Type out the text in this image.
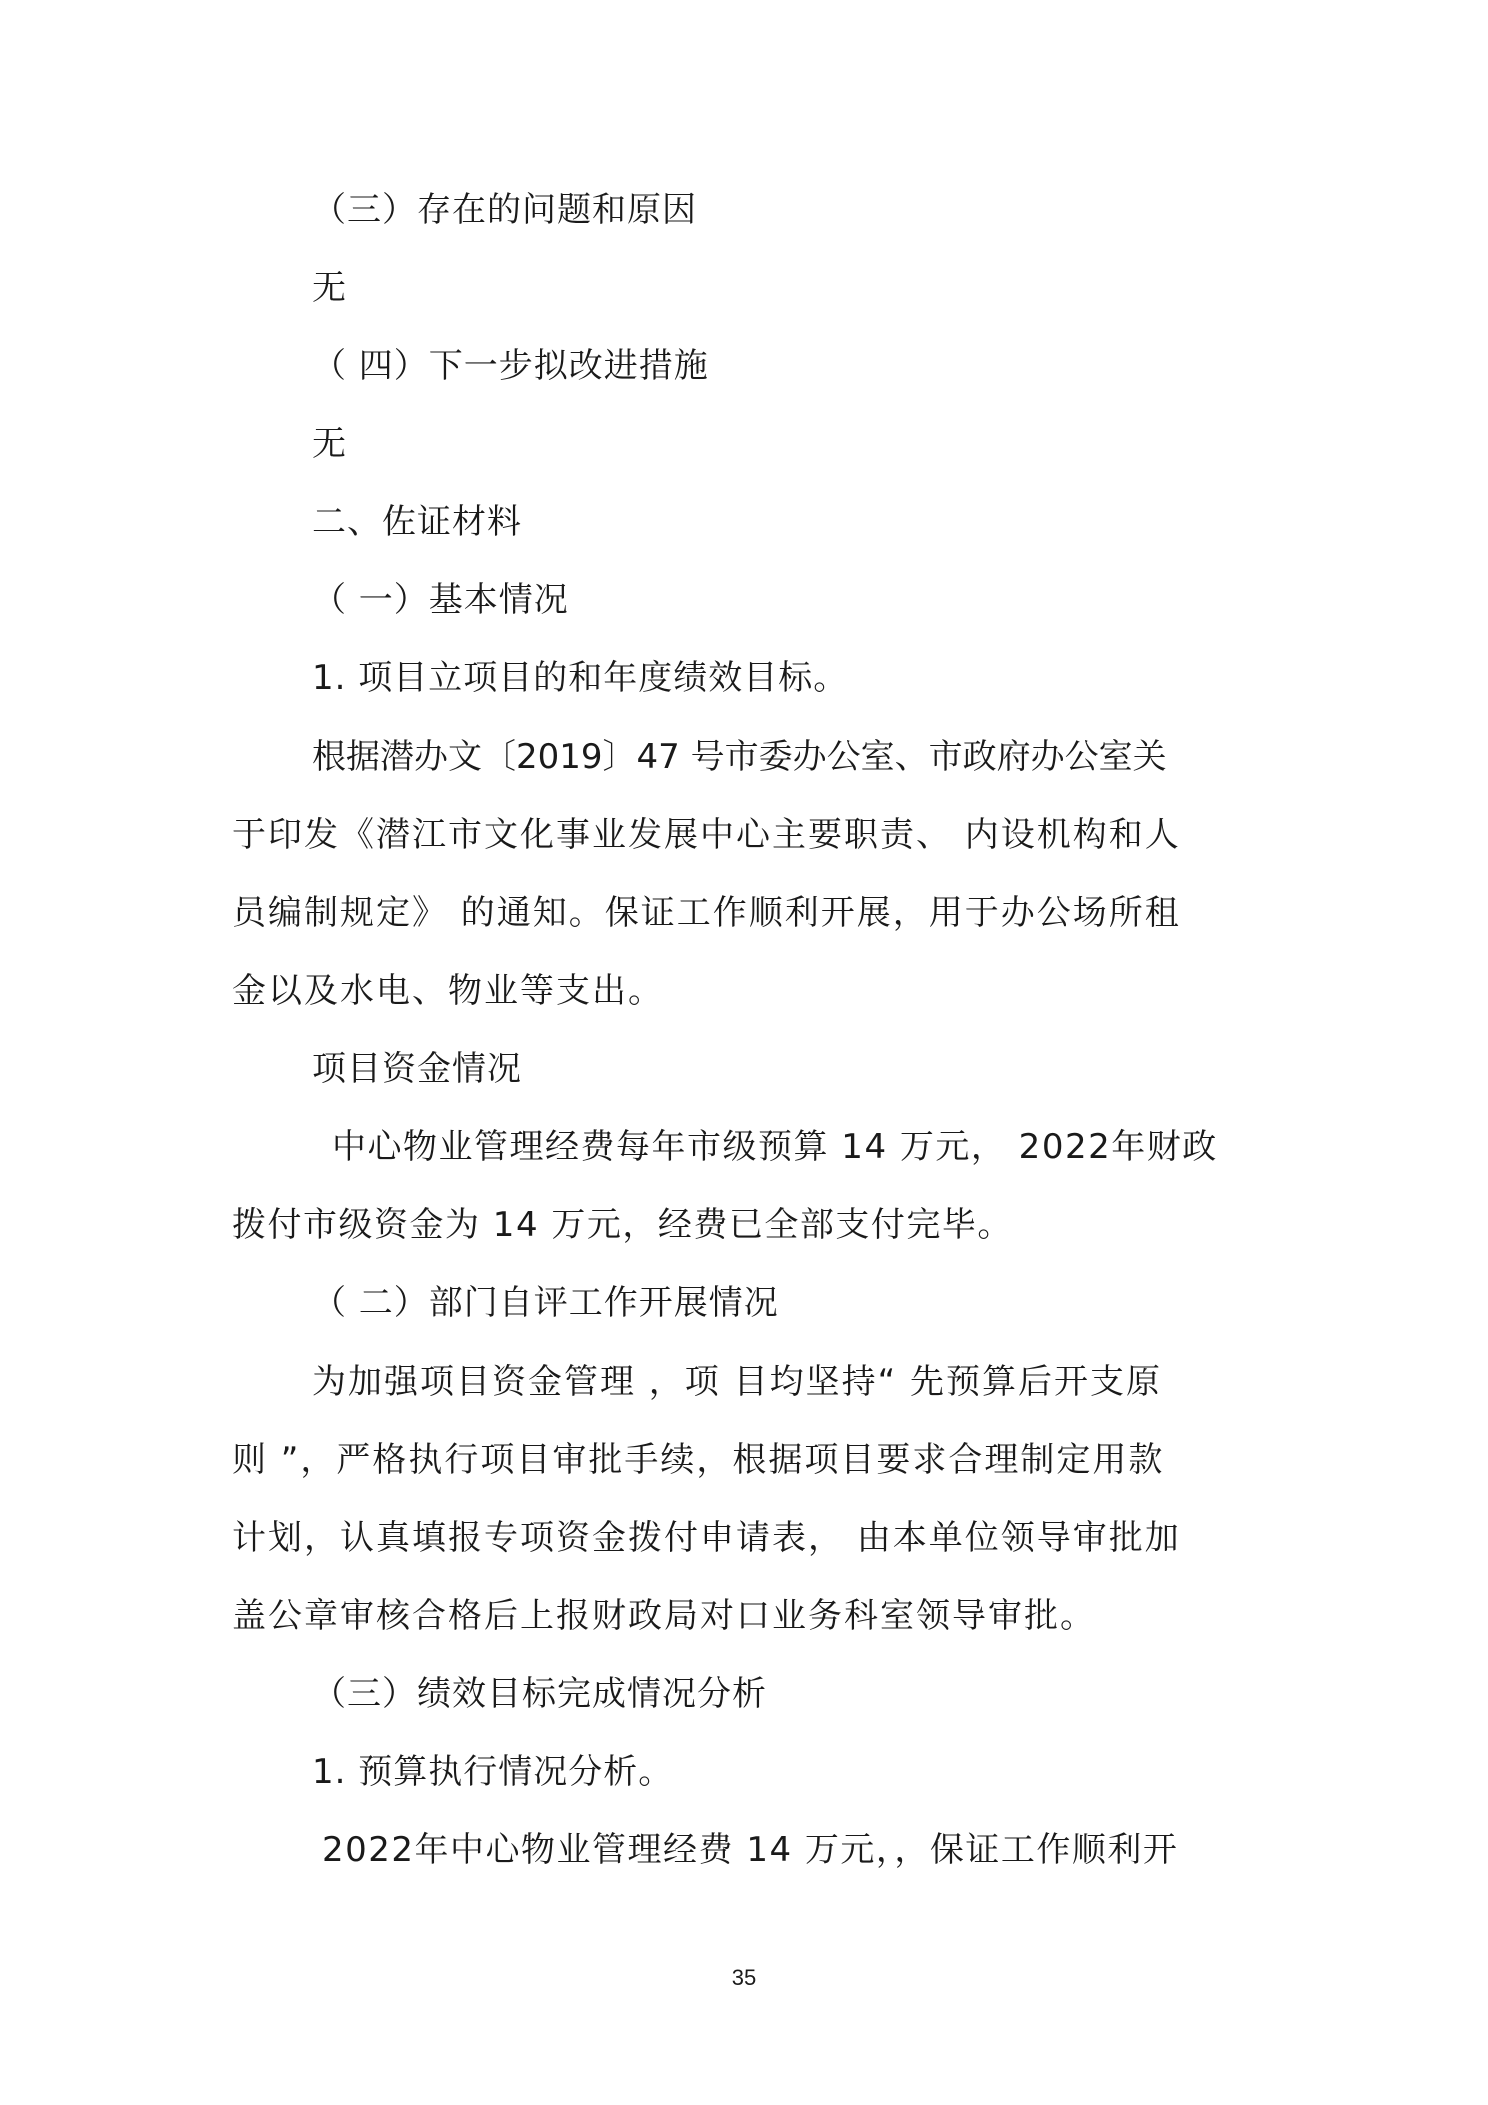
（三）存在的问题和原因
无
（ 四）下一步拟改进措施
无
二、佐证材料
（ 一）基本情况
1. 项目立项目的和年度绩效目标。
根据潜办文〔2019〕47 号市委办公室、市政府办公室关
于印发《潜江市文化事业发展中心主要职责、 内设机构和人
员编制规定》 的通知。保证工作顺利开展，用于办公场所租
金以及水电、物业等支出。
项目资金情况
中心物业管理经费每年市级预算 14 万元， 2022年财政
拨付市级资金为 14 万元，经费已全部支付完毕。
（ 二）部门自评工作开展情况
为加强项目资金管理 ，项 目均坚持“ 先预算后开支原
则 ”，严格执行项目审批手续，根据项目要求合理制定用款
计划，认真填报专项资金拨付申请表， 由本单位领导审批加
盖公章审核合格后上报财政局对口业务科室领导审批。
（三）绩效目标完成情况分析
1. 预算执行情况分析。
2022年中心物业管理经费 14 万元，，保证工作顺利开
35
